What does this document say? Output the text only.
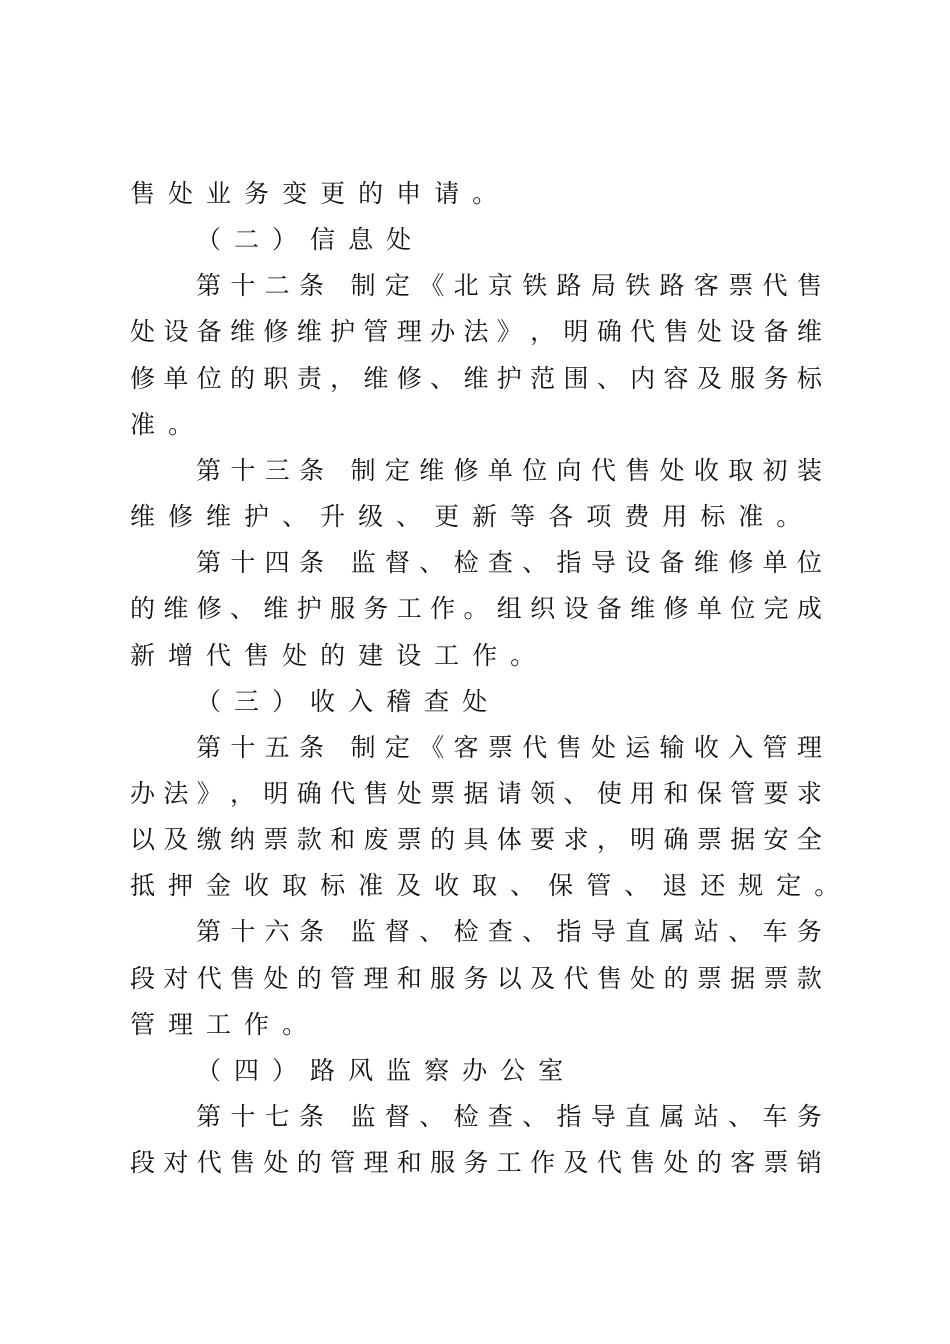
售 处 业 务 变 更 的 申 请 。
（ 二 ） 信 息 处
第 十 二 条
制 定 《 北 京 铁 路 局 铁 路 客 票 代 售
处 设 备 维 修 维 护 管 理 办 法 》 ， 明 确 代 售 处 设 备 维
修 单 位 的 职 责 ， 维 修 、 维 护 范 围 、 内 容 及 服 务 标
准 。
第 十 三 条
制 定 维 修 单 位 向 代 售 处 收 取 初 装
维 修 维 护 、 升 级 、 更 新 等 各 项 费 用 标 准 。
第 十 四 条
监 督 、 检 查 、 指 导 设 备 维 修 单 位
的 维 修 、 维 护 服 务 工 作 。 组 织 设 备 维 修 单 位 完 成
新 增 代 售 处 的 建 设 工 作 。
（ 三 ） 收 入 稽 查 处
第 十 五 条
制 定 《 客 票 代 售 处 运 输 收 入 管 理
办 法 》 ， 明 确 代 售 处 票 据 请 领 、 使 用 和 保 管 要 求
以 及 缴 纳 票 款 和 废 票 的 具 体 要 求 ， 明 确 票 据 安 全
抵 押 金 收 取 标 准 及 收 取 、 保 管 、 退 还 规 定 。
第 十 六 条
监 督 、 检 查 、 指 导 直 属 站 、 车 务
段 对 代 售 处 的 管 理 和 服 务 以 及 代 售 处 的 票 据 票 款
管 理 工 作 。
（ 四 ） 路 风 监 察 办 公 室
第 十 七 条
监 督 、 检 查 、 指 导 直 属 站 、 车 务
段 对 代 售 处 的 管 理 和 服 务 工 作 及 代 售 处 的 客 票 销
